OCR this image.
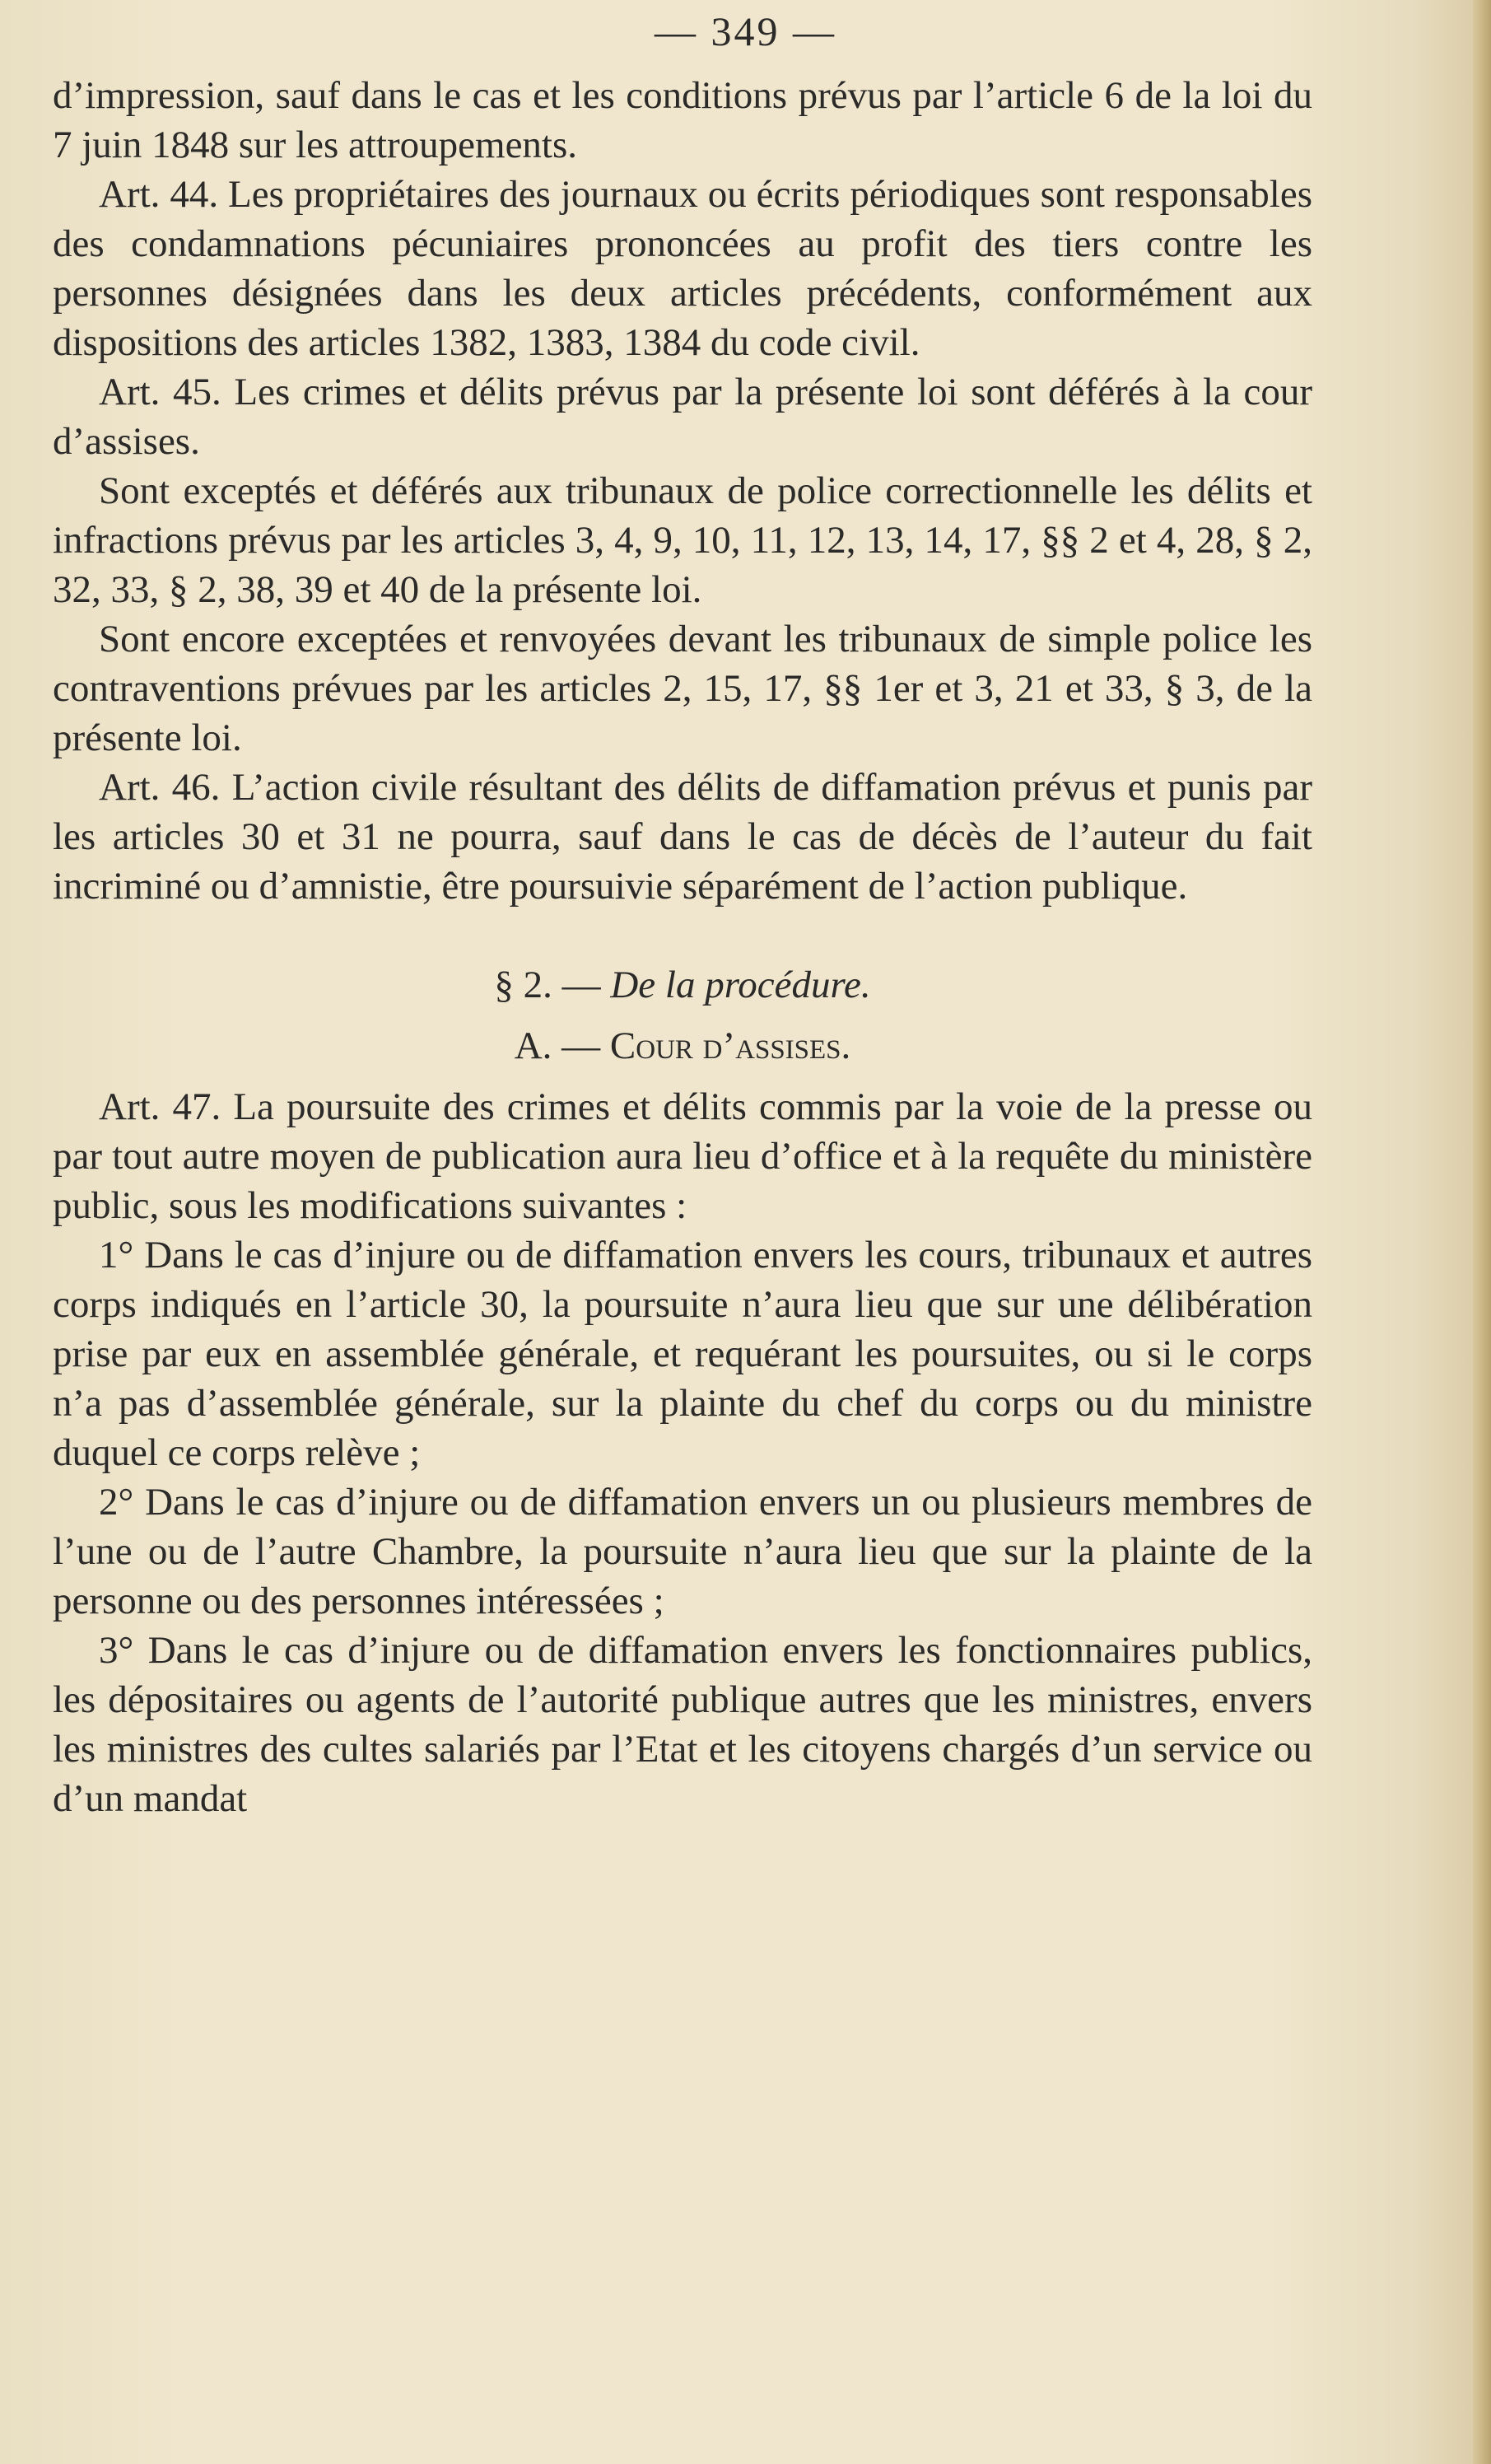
— 349 —

d’impression, sauf dans le cas et les conditions prévus par l’article 6 de la loi du 7 juin 1848 sur les attroupements.

Art. 44. Les propriétaires des journaux ou écrits périodiques sont responsables des condamnations pécuniaires prononcées au profit des tiers contre les personnes désignées dans les deux articles précédents, conformément aux dispositions des articles 1382, 1383, 1384 du code civil.

Art. 45. Les crimes et délits prévus par la présente loi sont déférés à la cour d’assises.

Sont exceptés et déférés aux tribunaux de police correctionnelle les délits et infractions prévus par les articles 3, 4, 9, 10, 11, 12, 13, 14, 17, §§ 2 et 4, 28, § 2, 32, 33, § 2, 38, 39 et 40 de la présente loi.

Sont encore exceptées et renvoyées devant les tribunaux de simple police les contraventions prévues par les articles 2, 15, 17, §§ 1er et 3, 21 et 33, § 3, de la présente loi.

Art. 46. L’action civile résultant des délits de diffamation prévus et punis par les articles 30 et 31 ne pourra, sauf dans le cas de décès de l’auteur du fait incriminé ou d’amnistie, être poursuivie séparément de l’action publique.

§ 2. — De la procédure.
A. — Cour d’assises.

Art. 47. La poursuite des crimes et délits commis par la voie de la presse ou par tout autre moyen de publication aura lieu d’office et à la requête du ministère public, sous les modifications suivantes :

1° Dans le cas d’injure ou de diffamation envers les cours, tribunaux et autres corps indiqués en l’article 30, la poursuite n’aura lieu que sur une délibération prise par eux en assemblée générale, et requérant les poursuites, ou si le corps n’a pas d’assemblée générale, sur la plainte du chef du corps ou du ministre duquel ce corps relève ;

2° Dans le cas d’injure ou de diffamation envers un ou plusieurs membres de l’une ou de l’autre Chambre, la poursuite n’aura lieu que sur la plainte de la personne ou des personnes intéressées ;

3° Dans le cas d’injure ou de diffamation envers les fonctionnaires publics, les dépositaires ou agents de l’autorité publique autres que les ministres, envers les ministres des cultes salariés par l’Etat et les citoyens chargés d’un service ou d’un mandat
